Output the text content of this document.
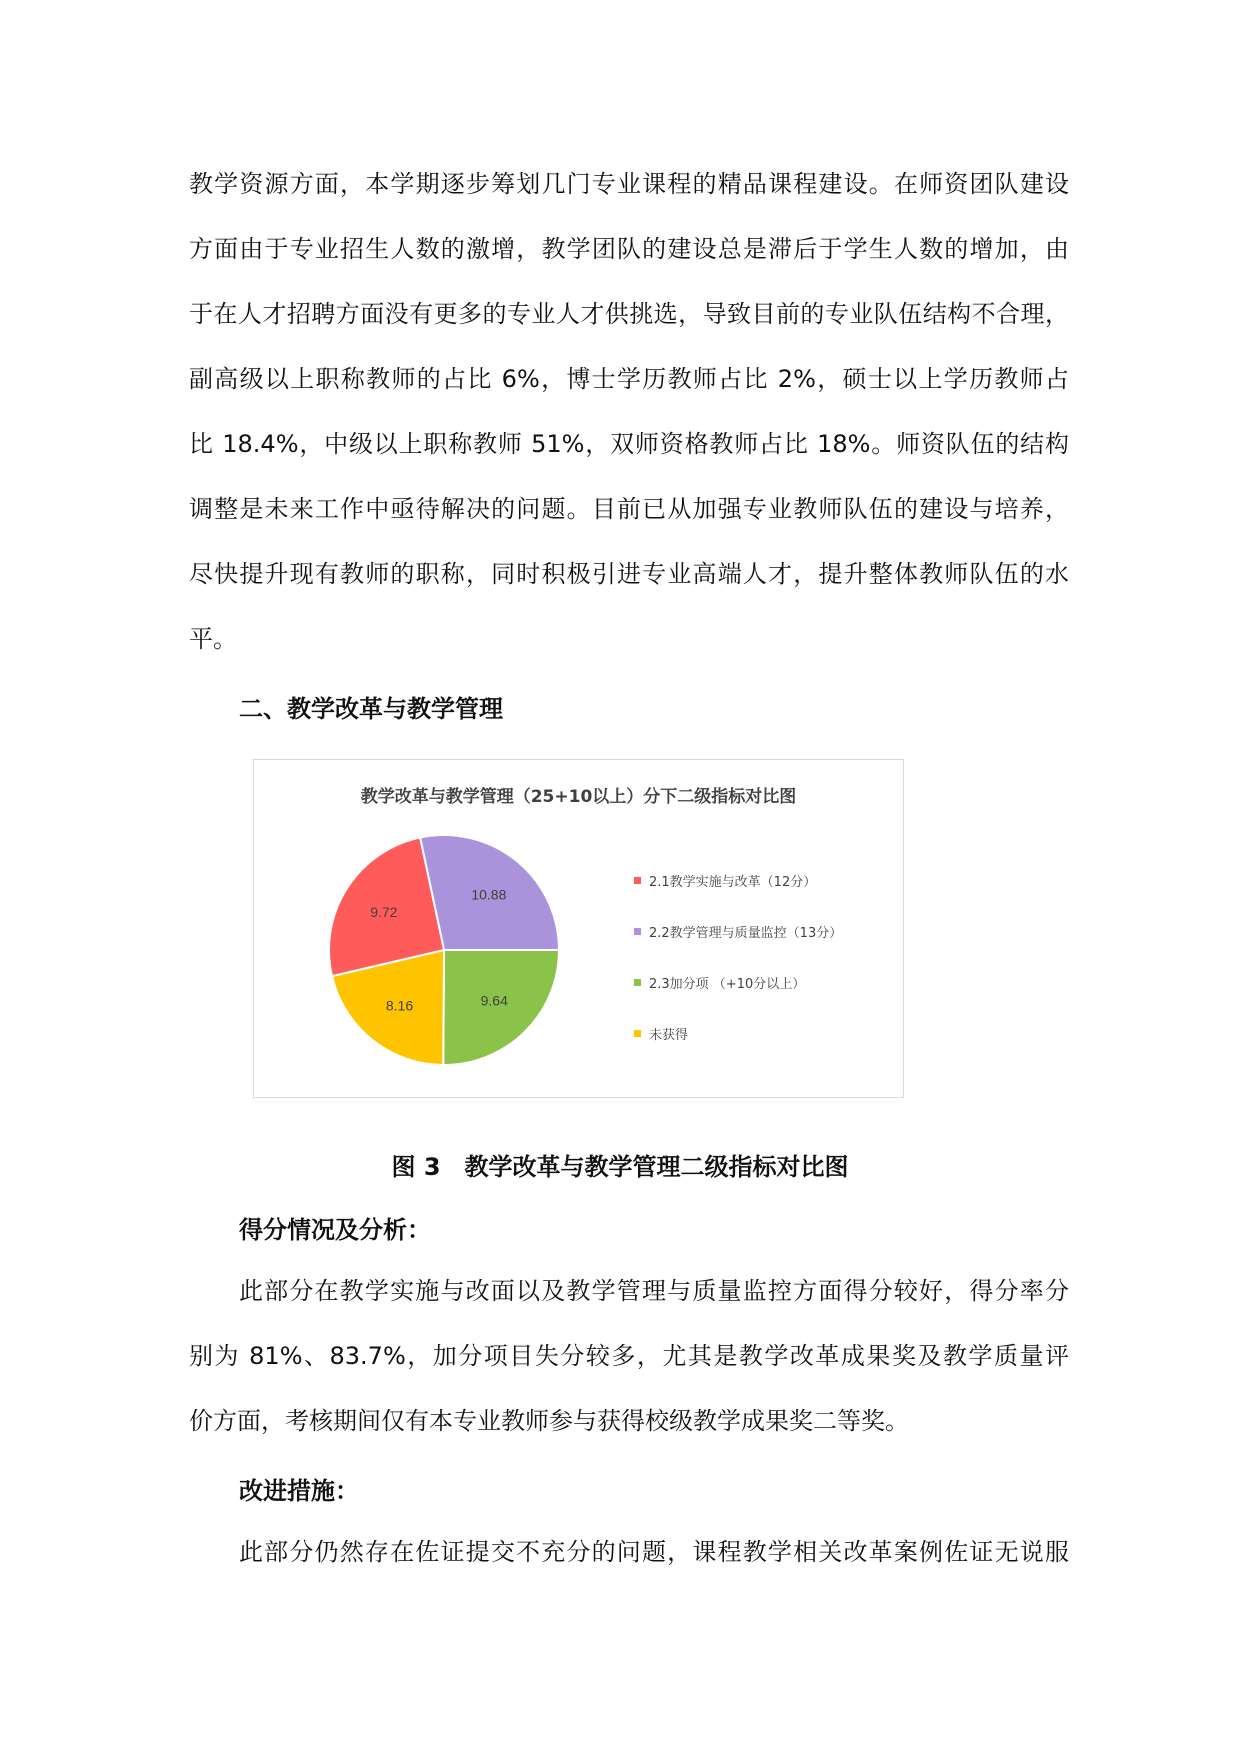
教学资源方面，本学期逐步筹划几门专业课程的精品课程建设。在师资团队建设
方面由于专业招生人数的激增，教学团队的建设总是滞后于学生人数的增加，由
于在人才招聘方面没有更多的专业人才供挑选，导致目前的专业队伍结构不合理，
副高级以上职称教师的占比 6%，博士学历教师占比 2%，硕士以上学历教师占
比 18.4%，中级以上职称教师 51%，双师资格教师占比 18%。师资队伍的结构
调整是未来工作中亟待解决的问题。目前已从加强专业教师队伍的建设与培养，
尽快提升现有教师的职称，同时积极引进专业高端人才，提升整体教师队伍的水
平。
二、教学改革与教学管理
教学改革与教学管理（25+10以上）分下二级指标对比图
10.88
9.64
8.16
9.72
2.1教学实施与改革（12分）
2.2教学管理与质量监控（13分）
2.3加分项 （+10分以上）
未获得
图 3　教学改革与教学管理二级指标对比图
得分情况及分析：
此部分在教学实施与改面以及教学管理与质量监控方面得分较好，得分率分
别为 81%、83.7%，加分项目失分较多，尤其是教学改革成果奖及教学质量评
价方面，考核期间仅有本专业教师参与获得校级教学成果奖二等奖。
改进措施：
此部分仍然存在佐证提交不充分的问题，课程教学相关改革案例佐证无说服
